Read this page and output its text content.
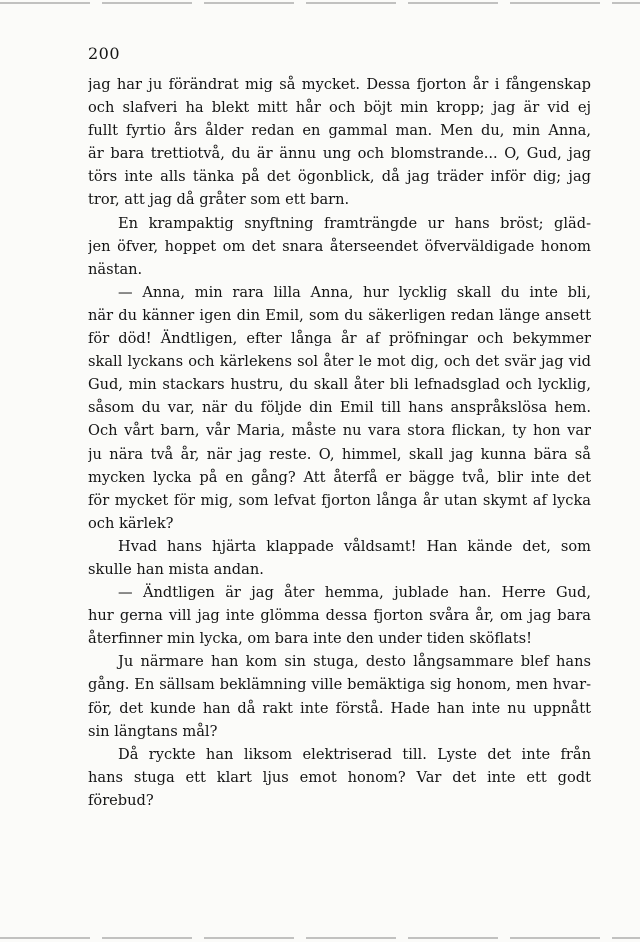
200
jag har ju förändrat mig så mycket. Dessa fjorton år i fångenskap
och slafveri ha blekt mitt hår och böjt min kropp; jag är vid ej
fullt fyrtio års ålder redan en gammal man. Men du, min Anna,
är bara trettiotvå, du är ännu ung och blomstrande... O, Gud, jag
törs inte alls tänka på det ögonblick, då jag träder inför dig; jag
tror, att jag då gråter som ett barn.
En krampaktig snyftning framträngde ur hans bröst; gläd-
jen öfver, hoppet om det snara återseendet öfverväldigade honom
nästan.
— Anna, min rara lilla Anna, hur lycklig skall du inte bli,
när du känner igen din Emil, som du säkerligen redan länge ansett
för död! Ändtligen, efter långa år af pröfningar och bekymmer
skall lyckans och kärlekens sol åter le mot dig, och det svär jag vid
Gud, min stackars hustru, du skall åter bli lefnadsglad och lycklig,
såsom du var, när du följde din Emil till hans anspråkslösa hem.
Och vårt barn, vår Maria, måste nu vara stora flickan, ty hon var
ju nära två år, när jag reste. O, himmel, skall jag kunna bära så
mycken lycka på en gång? Att återfå er bägge två, blir inte det
för mycket för mig, som lefvat fjorton långa år utan skymt af lycka
och kärlek?
Hvad hans hjärta klappade våldsamt! Han kände det, som
skulle han mista andan.
— Ändtligen är jag åter hemma, jublade han. Herre Gud,
hur gerna vill jag inte glömma dessa fjorton svåra år, om jag bara
återfinner min lycka, om bara inte den under tiden sköflats!
Ju närmare han kom sin stuga, desto långsammare blef hans
gång. En sällsam beklämning ville bemäktiga sig honom, men hvar-
för, det kunde han då rakt inte förstå. Hade han inte nu uppnått
sin längtans mål?
Då ryckte han liksom elektriserad till. Lyste det inte från
hans stuga ett klart ljus emot honom? Var det inte ett godt
förebud?
